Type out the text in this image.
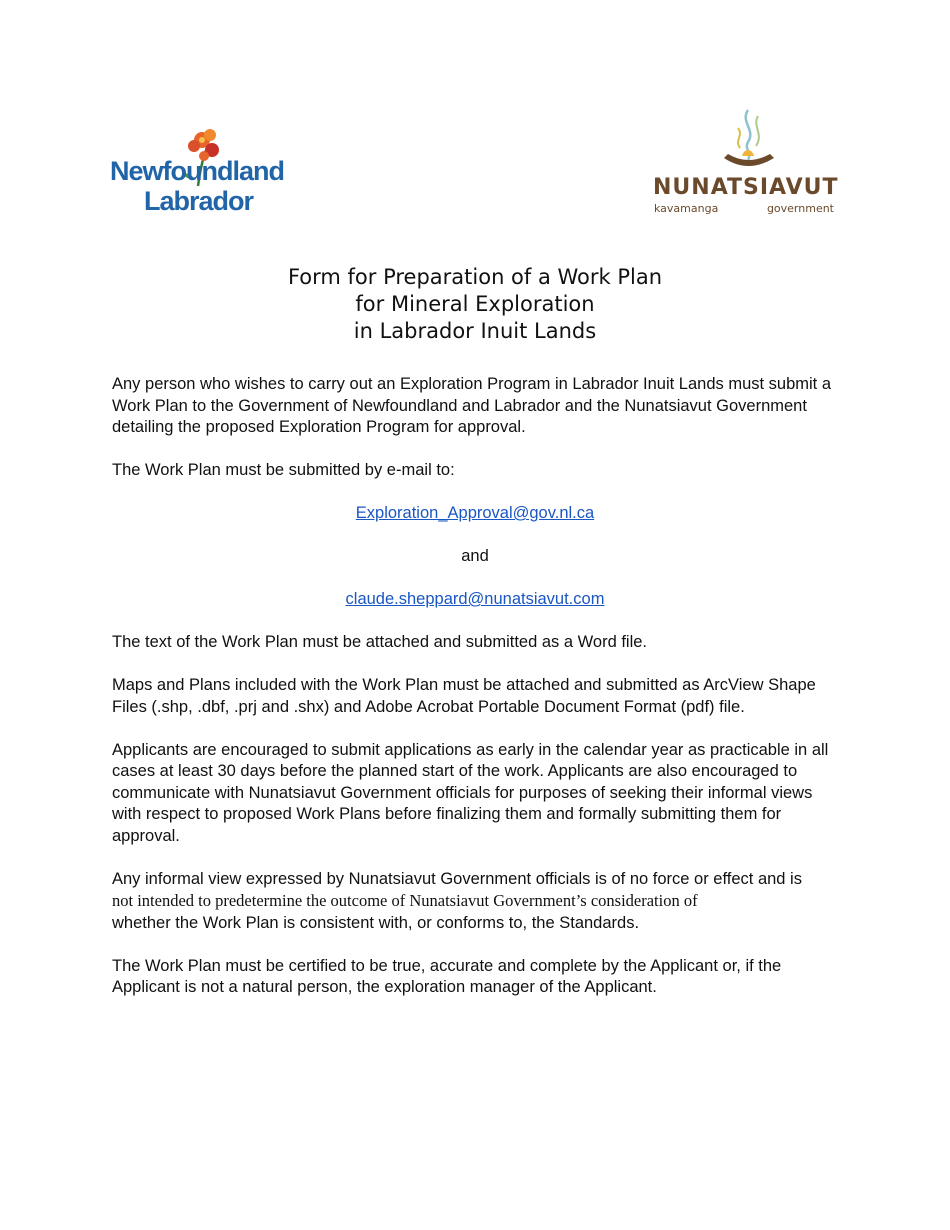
Newfoundland
Labrador	NUNATSIAVUT
kavamanga	government
Form for Preparation of a Work Plan
for Mineral Exploration
in Labrador Inuit Lands

Any person who wishes to carry out an Exploration Program in Labrador Inuit Lands must submit a Work Plan to the Government of Newfoundland and Labrador and the Nunatsiavut Government detailing the proposed Exploration Program for approval.

The Work Plan must be submitted by e-mail to:

Exploration_Approval@gov.nl.ca

and

claude.sheppard@nunatsiavut.com

The text of the Work Plan must be attached and submitted as a Word file.

Maps and Plans included with the Work Plan must be attached and submitted as ArcView Shape Files (.shp, .dbf, .prj and .shx) and Adobe Acrobat Portable Document Format (pdf) file.

Applicants are encouraged to submit applications as early in the calendar year as practicable in all cases at least 30 days before the planned start of the work. Applicants are also encouraged to communicate with Nunatsiavut Government officials for purposes of seeking their informal views with respect to proposed Work Plans before finalizing them and formally submitting them for approval.

Any informal view expressed by Nunatsiavut Government officials is of no force or effect and is
not intended to predetermine the outcome of Nunatsiavut Government’s consideration of
whether the Work Plan is consistent with, or conforms to, the Standards.

The Work Plan must be certified to be true, accurate and complete by the Applicant or, if the Applicant is not a natural person, the exploration manager of the Applicant.
